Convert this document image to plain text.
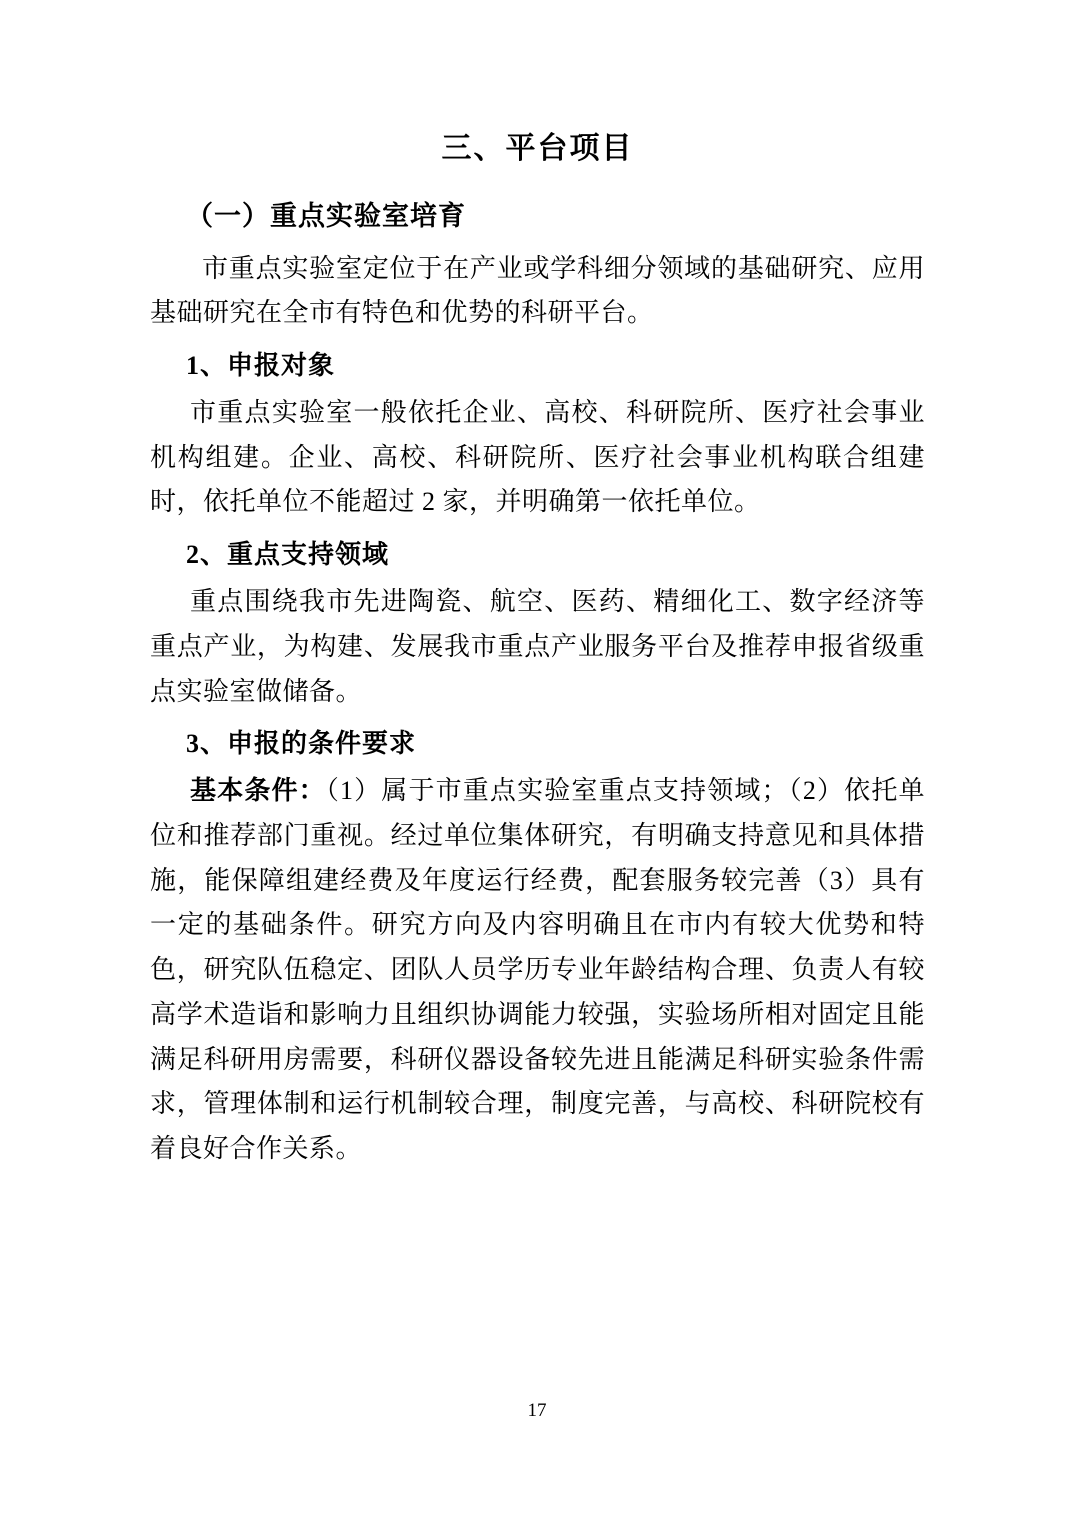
三、平台项目
（一）重点实验室培育

市重点实验室定位于在产业或学科细分领域的基础研究、应用基础研究在全市有特色和优势的科研平台。

1、申报对象

市重点实验室一般依托企业、高校、科研院所、医疗社会事业机构组建。企业、高校、科研院所、医疗社会事业机构联合组建时，依托单位不能超过 2 家，并明确第一依托单位。

2、重点支持领域

重点围绕我市先进陶瓷、航空、医药、精细化工、数字经济等重点产业，为构建、发展我市重点产业服务平台及推荐申报省级重点实验室做储备。

3、申报的条件要求

基本条件：（1）属于市重点实验室重点支持领域；（2）依托单位和推荐部门重视。经过单位集体研究，有明确支持意见和具体措施，能保障组建经费及年度运行经费，配套服务较完善（3）具有一定的基础条件。研究方向及内容明确且在市内有较大优势和特色，研究队伍稳定、团队人员学历专业年龄结构合理、负责人有较高学术造诣和影响力且组织协调能力较强，实验场所相对固定且能满足科研用房需要，科研仪器设备较先进且能满足科研实验条件需求，管理体制和运行机制较合理，制度完善，与高校、科研院校有着良好合作关系。

17
